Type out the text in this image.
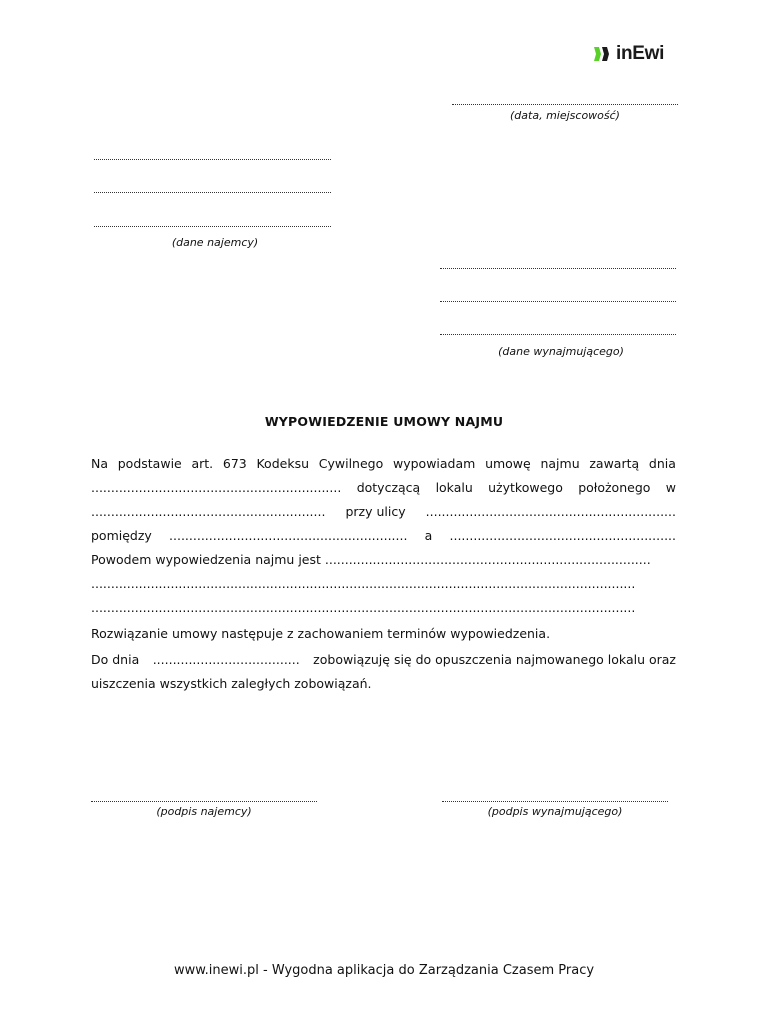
inEwi
(data, miejscowość)
(dane najemcy)
(dane wynajmującego)
WYPOWIEDZENIE UMOWY NAJMU
Na podstawie art. 673 Kodeksu Cywilnego wypowiadam umowę najmu zawartą dnia
............................................................... dotyczącą lokalu użytkowego położonego w
........................................................... przy ulicy ...............................................................
pomiędzy ............................................................ a .........................................................
Powodem wypowiedzenia najmu jest ..................................................................................
.........................................................................................................................................
.........................................................................................................................................
Rozwiązanie umowy następuje z zachowaniem terminów wypowiedzenia.
Do dnia ..................................... zobowiązuję się do opuszczenia najmowanego lokalu oraz
uiszczenia wszystkich zaległych zobowiązań.
(podpis najemcy)	(podpis wynajmującego)
www.inewi.pl - Wygodna aplikacja do Zarządzania Czasem Pracy
